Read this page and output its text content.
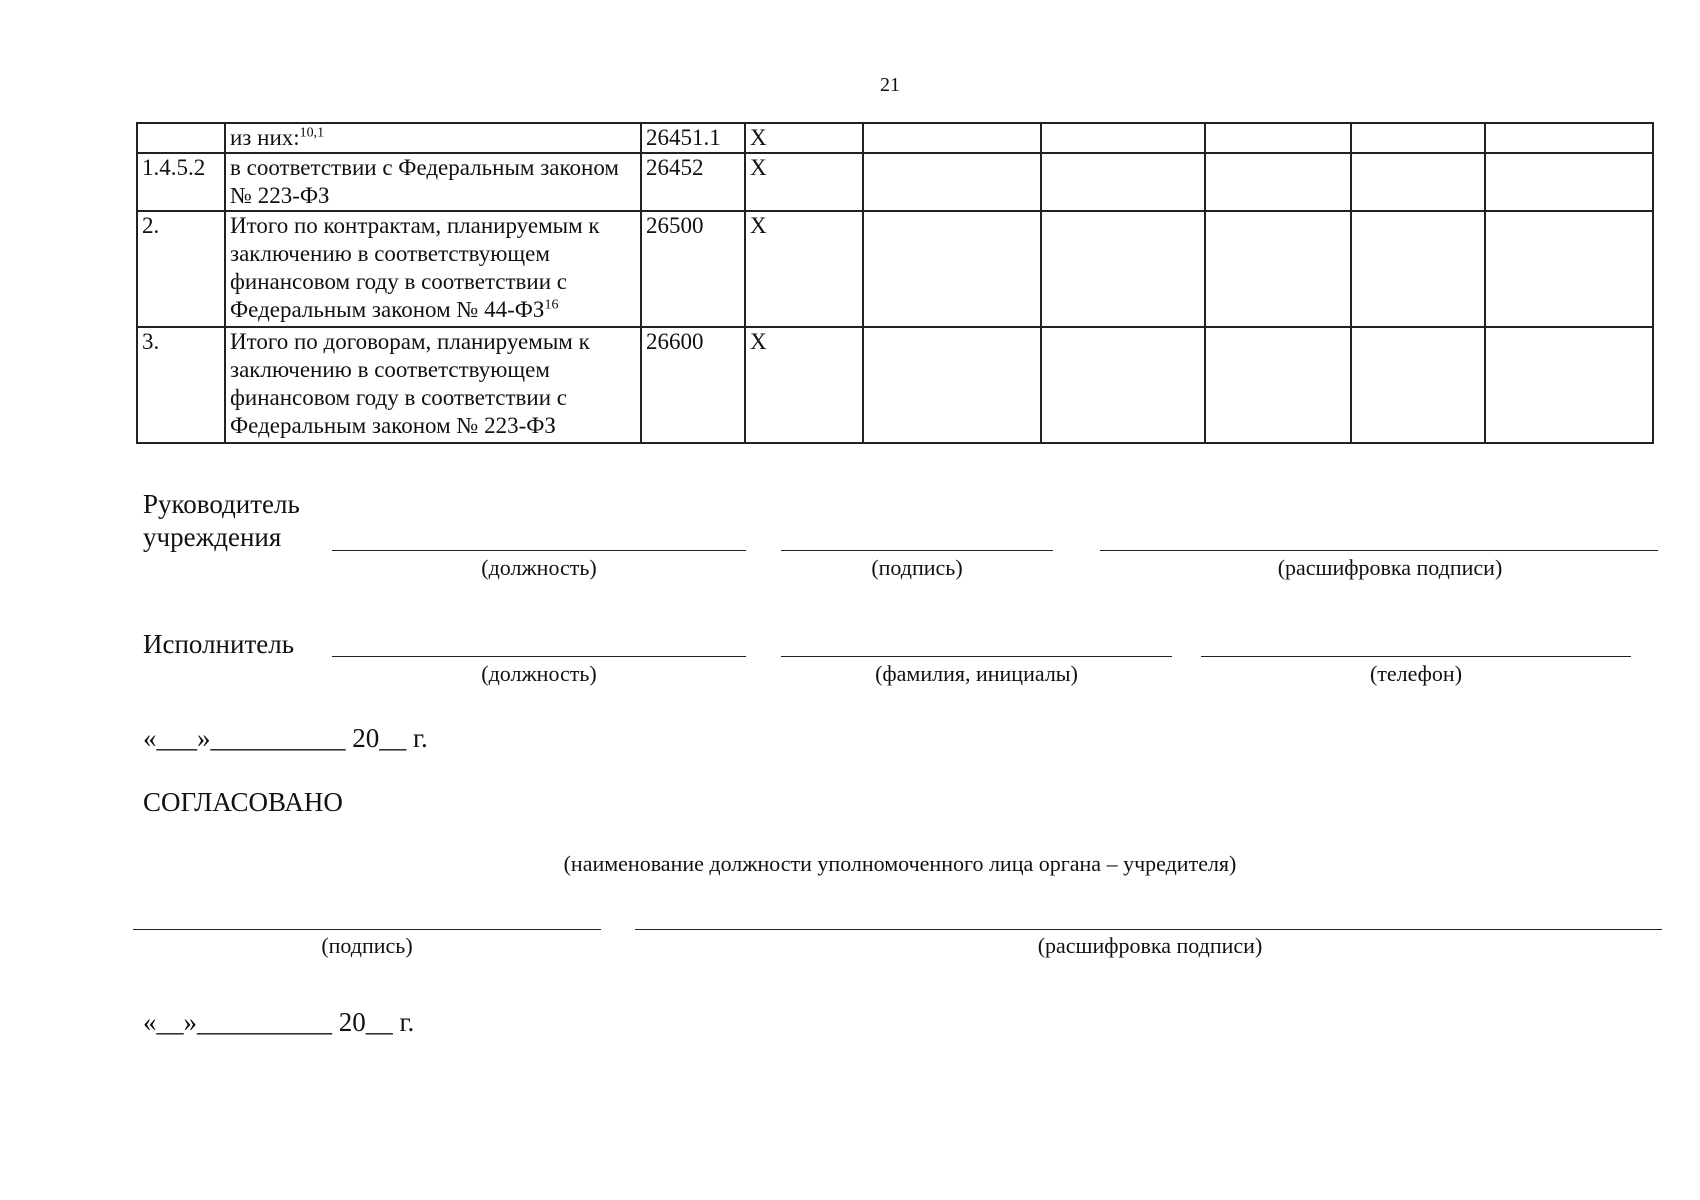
21
	из них:$^{10,1}$	26451.1	X					
1.4.5.2	в соответствии с Федеральным законом № 223-ФЗ	26452	X					
2.	Итого по контрактам, планируемым к заключению в соответствующем финансовом году в соответствии с Федеральным законом № 44-ФЗ$^{16}$	26500	X					
3.	Итого по договорам, планируемым к заключению в соответствующем финансовом году в соответствии с Федеральным законом № 223-ФЗ	26600	X					
Руководитель
учреждения
(должность)	(подпись)	(расшифровка подписи)
Исполнитель
(должность)	(фамилия, инициалы)	(телефон)
«___»__________ 20__ г.
СОГЛАСОВАНО
(наименование должности уполномоченного лица органа – учредителя)
(подпись)	(расшифровка подписи)
«__»__________ 20__ г.
